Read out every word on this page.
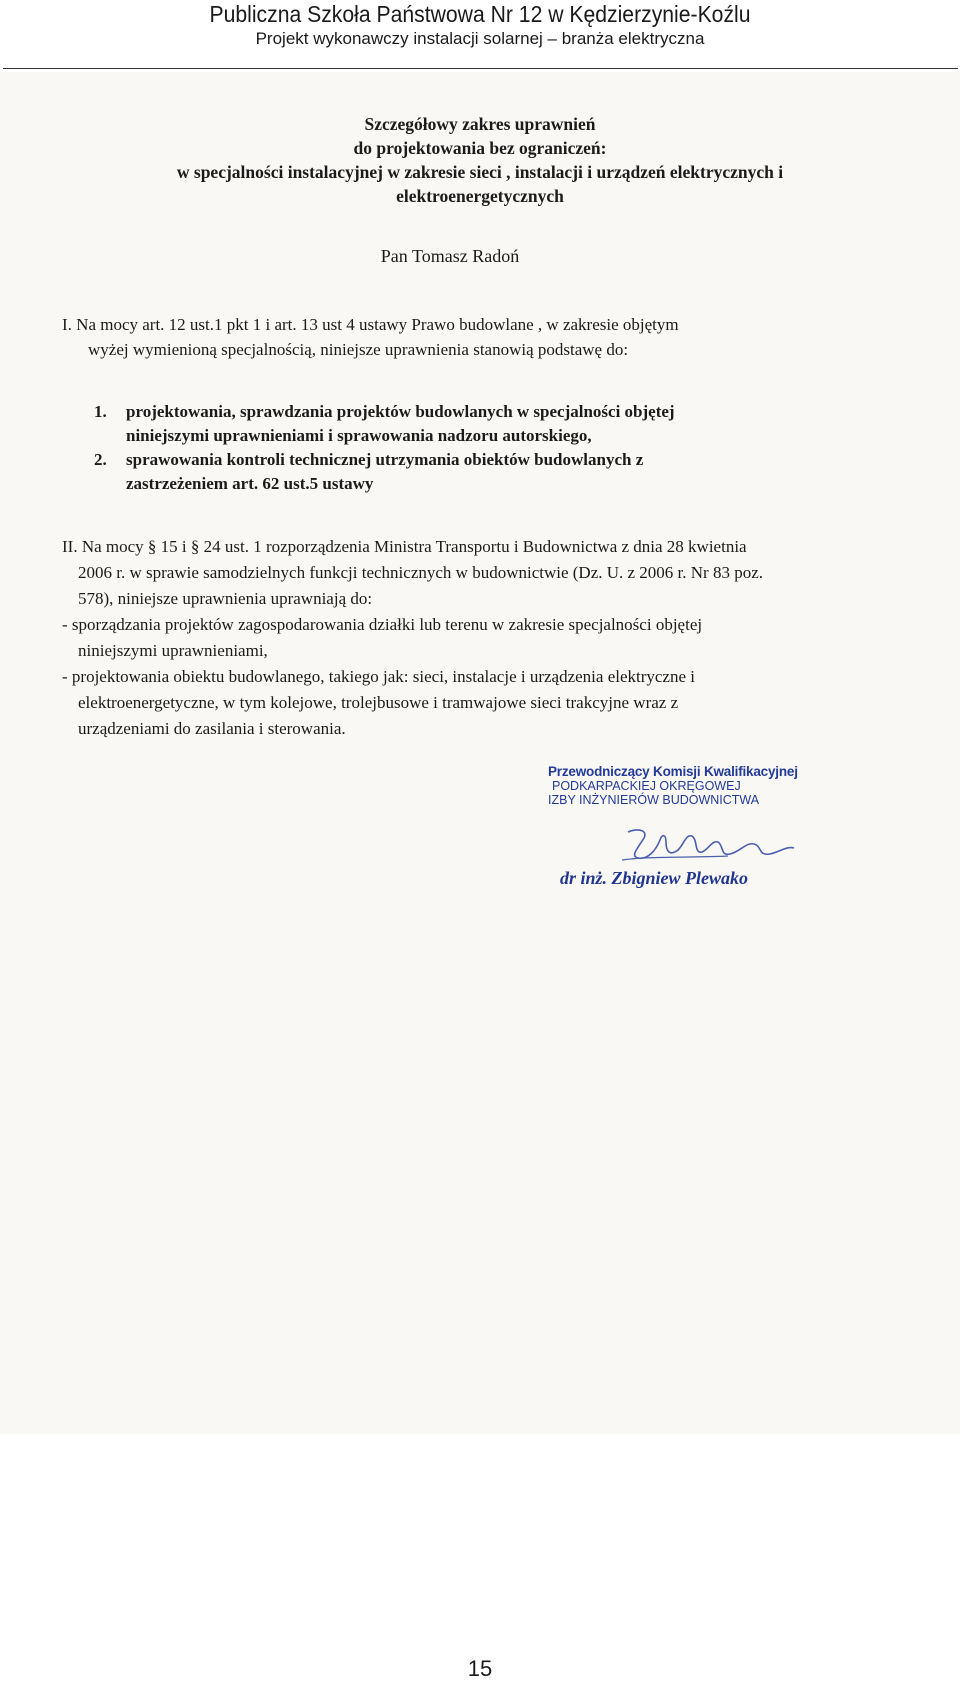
Publiczna Szkoła Państwowa Nr 12 w Kędzierzynie-Koźlu
Projekt wykonawczy instalacji solarnej – branża elektryczna
Szczegółowy zakres uprawnień
do projektowania bez ograniczeń:
w specjalności instalacyjnej w zakresie sieci , instalacji i urządzeń elektrycznych i
elektroenergetycznych
Pan Tomasz Radoń
I. Na mocy art. 12 ust.1 pkt 1 i art. 13 ust 4 ustawy Prawo budowlane , w zakresie objętym
wyżej wymienioną specjalnością, niniejsze uprawnienia stanowią podstawę do:
1. projektowania, sprawdzania projektów budowlanych w specjalności objętej
niniejszymi uprawnieniami i sprawowania nadzoru autorskiego,
2. sprawowania kontroli technicznej utrzymania obiektów budowlanych z
zastrzeżeniem art. 62 ust.5 ustawy
II. Na mocy § 15 i § 24 ust. 1 rozporządzenia Ministra Transportu i Budownictwa z dnia 28 kwietnia
2006 r. w sprawie samodzielnych funkcji technicznych w budownictwie (Dz. U. z 2006 r. Nr 83 poz.
578), niniejsze uprawnienia uprawniają do:
- sporządzania projektów zagospodarowania działki lub terenu w zakresie specjalności objętej
niniejszymi uprawnieniami,
- projektowania obiektu budowlanego, takiego jak: sieci, instalacje i urządzenia elektryczne i
elektroenergetyczne, w tym kolejowe, trolejbusowe i tramwajowe sieci trakcyjne wraz z
urządzeniami do zasilania i sterowania.
Przewodniczący Komisji Kwalifikacyjnej
PODKARPACKIEJ OKRĘGOWEJ
IZBY INŻYNIERÓW BUDOWNICTWA
dr inż. Zbigniew Plewako
15
